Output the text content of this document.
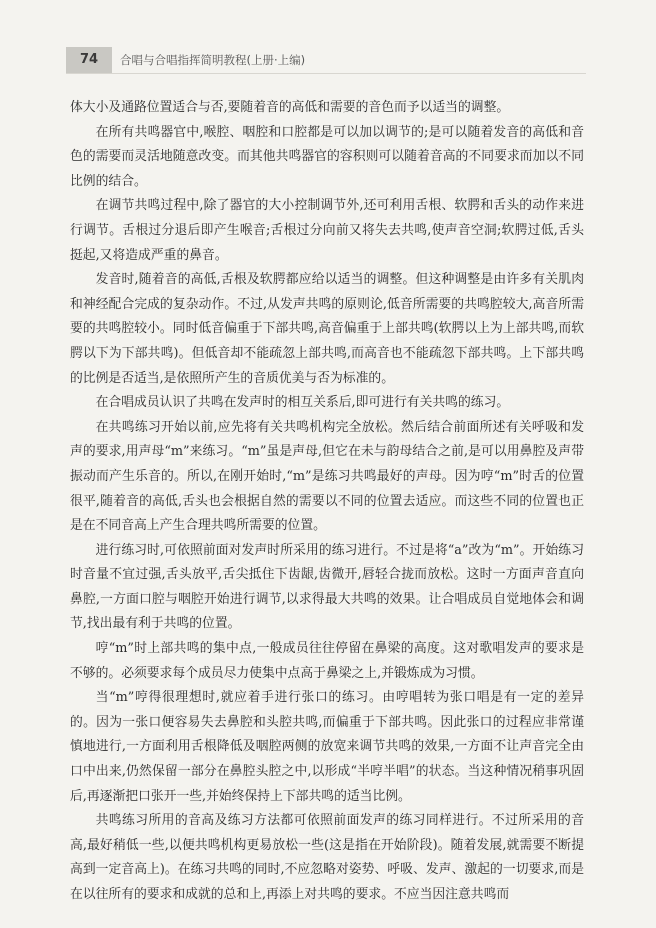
74	合唱与合唱指挥简明教程(上册·上编)

体大小及通路位置适合与否,要随着音的高低和需要的音色而予以适当的调整。

在所有共鸣器官中,喉腔、咽腔和口腔都是可以加以调节的;是可以随着发音的高低和音色的需要而灵活地随意改变。而其他共鸣器官的容积则可以随着音高的不同要求而加以不同比例的结合。

在调节共鸣过程中,除了器官的大小控制调节外,还可利用舌根、软腭和舌头的动作来进行调节。舌根过分退后即产生喉音;舌根过分向前又将失去共鸣,使声音空洞;软腭过低,舌头挺起,又将造成严重的鼻音。

发音时,随着音的高低,舌根及软腭都应给以适当的调整。但这种调整是由许多有关肌肉和神经配合完成的复杂动作。不过,从发声共鸣的原则论,低音所需要的共鸣腔较大,高音所需要的共鸣腔较小。同时低音偏重于下部共鸣,高音偏重于上部共鸣(软腭以上为上部共鸣,而软腭以下为下部共鸣)。但低音却不能疏忽上部共鸣,而高音也不能疏忽下部共鸣。上下部共鸣的比例是否适当,是依照所产生的音质优美与否为标准的。

在合唱成员认识了共鸣在发声时的相互关系后,即可进行有关共鸣的练习。

在共鸣练习开始以前,应先将有关共鸣机构完全放松。然后结合前面所述有关呼吸和发声的要求,用声母“m”来练习。“m”虽是声母,但它在未与韵母结合之前,是可以用鼻腔及声带振动而产生乐音的。所以,在刚开始时,“m”是练习共鸣最好的声母。因为哼“m”时舌的位置很平,随着音的高低,舌头也会根据自然的需要以不同的位置去适应。而这些不同的位置也正是在不同音高上产生合理共鸣所需要的位置。

进行练习时,可依照前面对发声时所采用的练习进行。不过是将“a”改为“m”。开始练习时音量不宜过强,舌头放平,舌尖抵住下齿龈,齿微开,唇轻合拢而放松。这时一方面声音直向鼻腔,一方面口腔与咽腔开始进行调节,以求得最大共鸣的效果。让合唱成员自觉地体会和调节,找出最有利于共鸣的位置。

哼“m”时上部共鸣的集中点,一般成员往往停留在鼻梁的高度。这对歌唱发声的要求是不够的。必须要求每个成员尽力使集中点高于鼻梁之上,并锻炼成为习惯。

当“m”哼得很理想时,就应着手进行张口的练习。由哼唱转为张口唱是有一定的差异的。因为一张口便容易失去鼻腔和头腔共鸣,而偏重于下部共鸣。因此张口的过程应非常谨慎地进行,一方面利用舌根降低及咽腔两侧的放宽来调节共鸣的效果,一方面不让声音完全由口中出来,仍然保留一部分在鼻腔头腔之中,以形成“半哼半唱”的状态。当这种情况稍事巩固后,再逐渐把口张开一些,并始终保持上下部共鸣的适当比例。

共鸣练习所用的音高及练习方法都可依照前面发声的练习同样进行。不过所采用的音高,最好稍低一些,以便共鸣机构更易放松一些(这是指在开始阶段)。随着发展,就需要不断提高到一定音高上)。在练习共鸣的同时,不应忽略对姿势、呼吸、发声、激起的一切要求,而是在以往所有的要求和成就的总和上,再添上对共鸣的要求。不应当因注意共鸣而
